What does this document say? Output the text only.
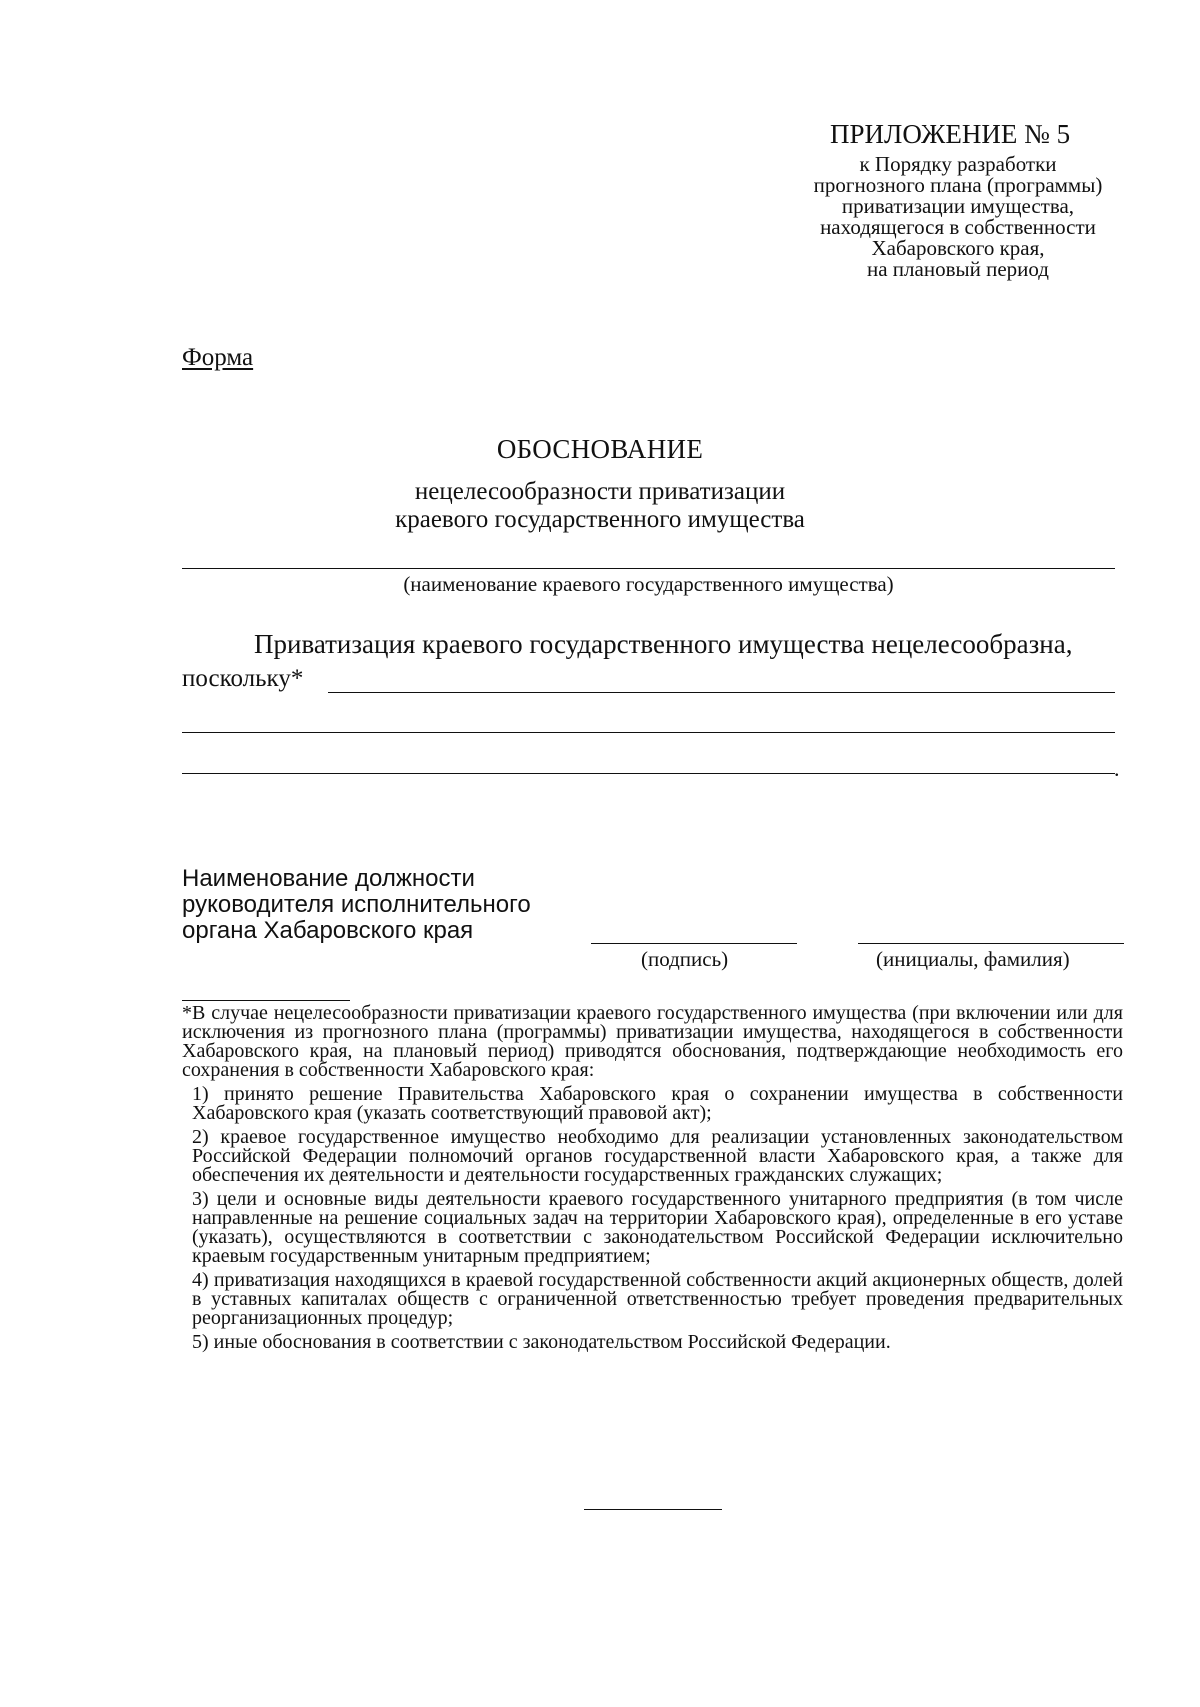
ПРИЛОЖЕНИЕ № 5
к Порядку разработки
прогнозного плана (программы)
приватизации имущества,
находящегося в собственности
Хабаровского края,
на плановый период
Форма
ОБОСНОВАНИЕ
нецелесообразности приватизации
краевого государственного имущества
(наименование краевого государственного имущества)
Приватизация краевого государственного имущества нецелесообразна,
поскольку*
.
Наименование должности
руководителя исполнительного
органа Хабаровского края
(подпись)	(инициалы, фамилия)

*В случае нецелесообразности приватизации краевого государственного имущества (при включении или для исключения из прогнозного плана (программы) приватизации имущества, находящегося в собственности Хабаровского края, на плановый период) приводятся обоснования, подтверждающие необходимость его сохранения в собственности Хабаровского края:

1) принято решение Правительства Хабаровского края о сохранении имущества в собственности Хабаровского края (указать соответствующий правовой акт);

2) краевое государственное имущество необходимо для реализации установленных законодательством Российской Федерации полномочий органов государственной власти Хабаровского края, а также для обеспечения их деятельности и деятельности государственных гражданских служащих;

3) цели и основные виды деятельности краевого государственного унитарного предприятия (в том числе направленные на решение социальных задач на территории Хабаровского края), определенные в его уставе (указать), осуществляются в соответствии с законодательством Российской Федерации исключительно краевым государственным унитарным предприятием;

4) приватизация находящихся в краевой государственной собственности акций акционерных обществ, долей в уставных капиталах обществ с ограниченной ответственностью требует проведения предварительных реорганизационных процедур;

5) иные обоснования в соответствии с законодательством Российской Федерации.
